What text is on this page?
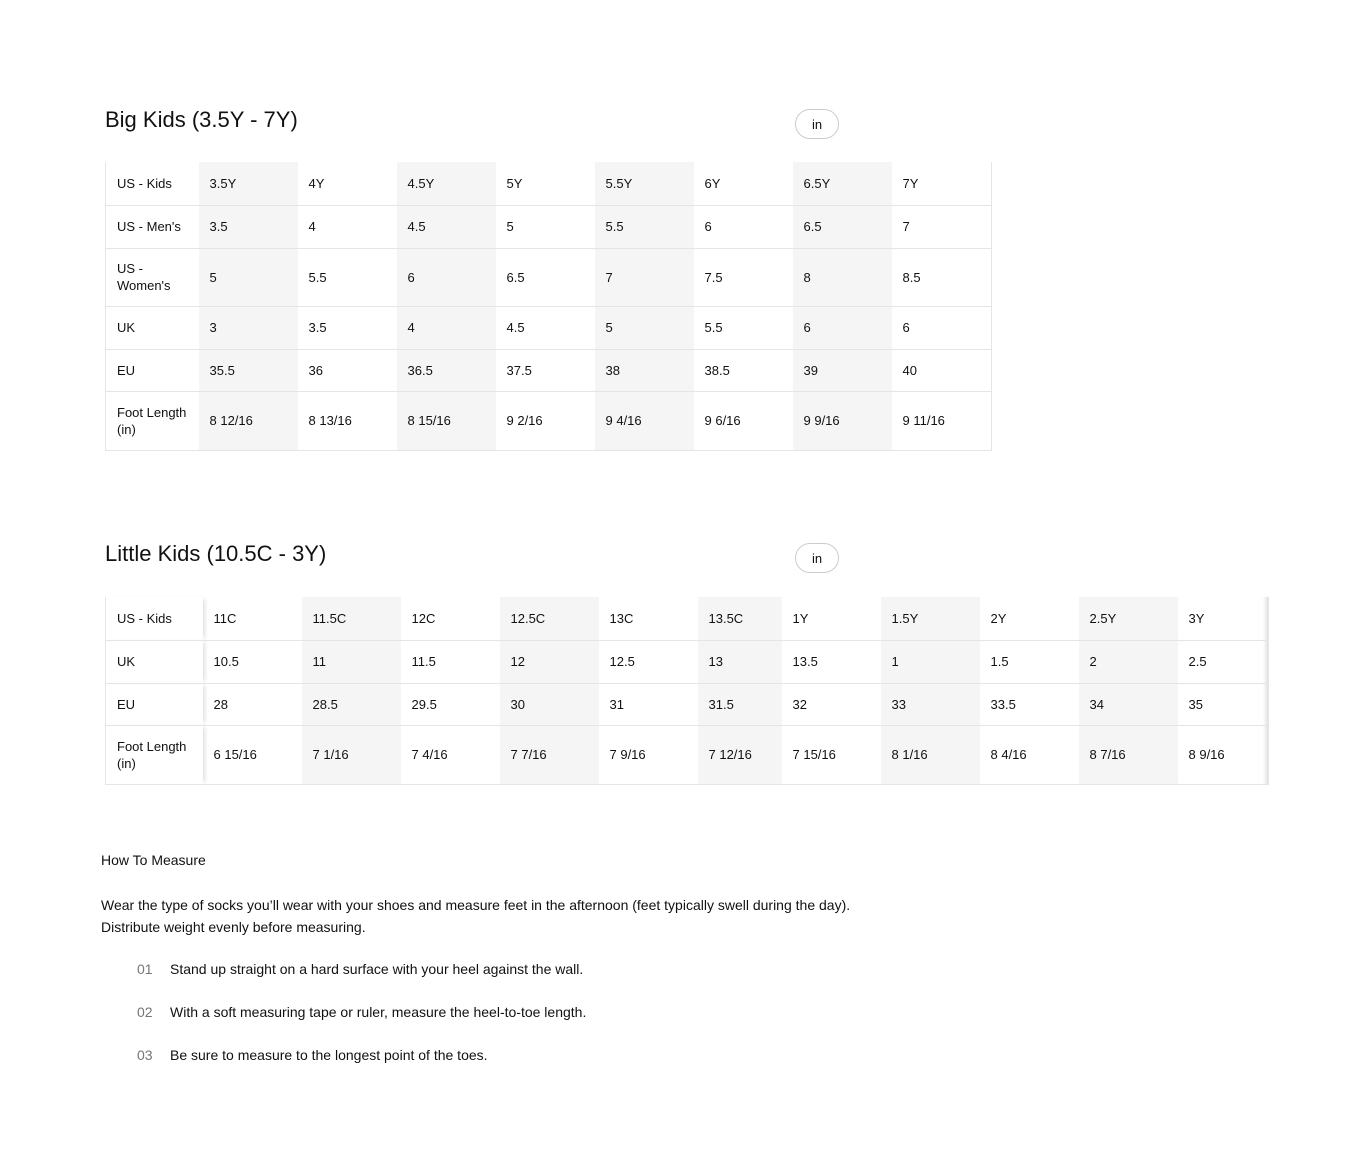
Big Kids (3.5Y - 7Y)	in
US - Kids	3.5Y	4Y	4.5Y	5Y	5.5Y	6Y	6.5Y	7Y
US - Men's	3.5	4	4.5	5	5.5	6	6.5	7
US - Women's	5	5.5	6	6.5	7	7.5	8	8.5
UK	3	3.5	4	4.5	5	5.5	6	6
EU	35.5	36	36.5	37.5	38	38.5	39	40
Foot Length (in)	8 12/16	8 13/16	8 15/16	9 2/16	9 4/16	9 6/16	9 9/16	9 11/16
Little Kids (10.5C - 3Y)	in
US - Kids	11C	11.5C	12C	12.5C	13C	13.5C	1Y	1.5Y	2Y	2.5Y	3Y
UK	10.5	11	11.5	12	12.5	13	13.5	1	1.5	2	2.5
EU	28	28.5	29.5	30	31	31.5	32	33	33.5	34	35
Foot Length (in)	6 15/16	7 1/16	7 4/16	7 7/16	7 9/16	7 12/16	7 15/16	8 1/16	8 4/16	8 7/16	8 9/16

How To Measure

Wear the type of socks you’ll wear with your shoes and measure feet in the afternoon (feet typically swell during the day).
Distribute weight evenly before measuring.

01	Stand up straight on a hard surface with your heel against the wall.
02	With a soft measuring tape or ruler, measure the heel-to-toe length.
03	Be sure to measure to the longest point of the toes.
